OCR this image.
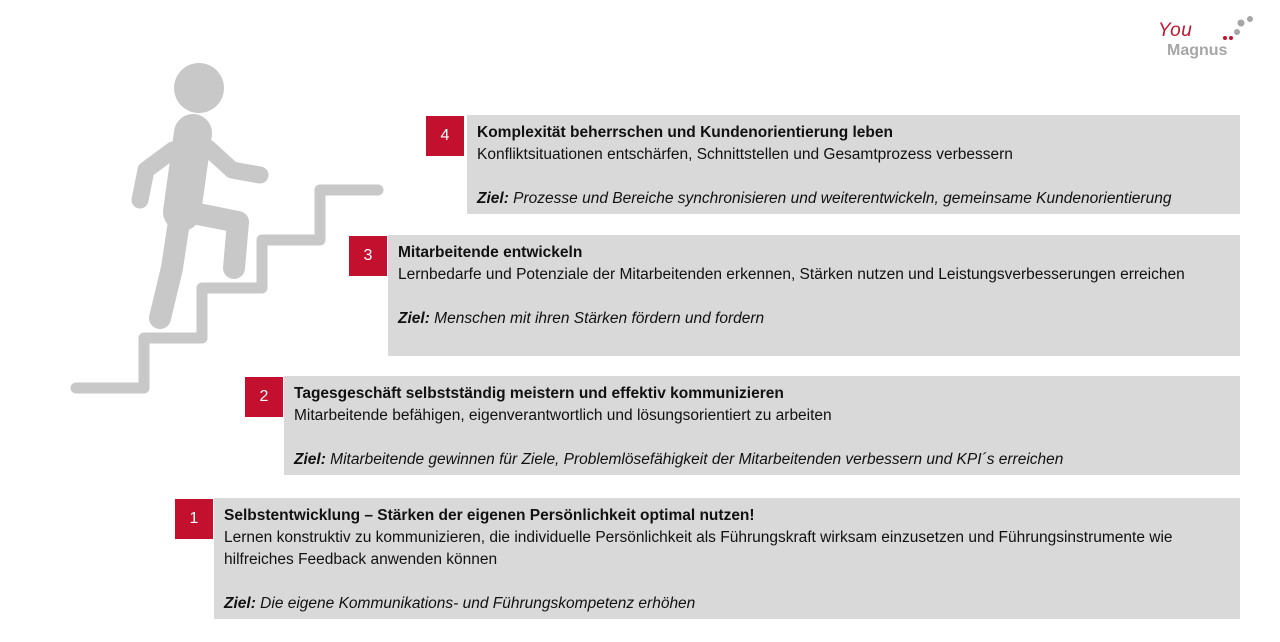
You
Magnus
4	Komplexität beherrschen und Kundenorientierung leben
Konfliktsituationen entschärfen, Schnittstellen und Gesamtprozess verbessern
Ziel: Prozesse und Bereiche synchronisieren und weiterentwickeln, gemeinsame Kundenorientierung
3	Mitarbeitende entwickeln
Lernbedarfe und Potenziale der Mitarbeitenden erkennen, Stärken nutzen und Leistungsverbesserungen erreichen
Ziel: Menschen mit ihren Stärken fördern und fordern
2	Tagesgeschäft selbstständig meistern und effektiv kommunizieren
Mitarbeitende befähigen, eigenverantwortlich und lösungsorientiert zu arbeiten
Ziel: Mitarbeitende gewinnen für Ziele, Problemlösefähigkeit der Mitarbeitenden verbessern und KPI´s erreichen
1	Selbstentwicklung – Stärken der eigenen Persönlichkeit optimal nutzen!
Lernen konstruktiv zu kommunizieren, die individuelle Persönlichkeit als Führungskraft wirksam einzusetzen und Führungsinstrumente wie hilfreiches Feedback anwenden können
Ziel: Die eigene Kommunikations- und Führungskompetenz erhöhen
